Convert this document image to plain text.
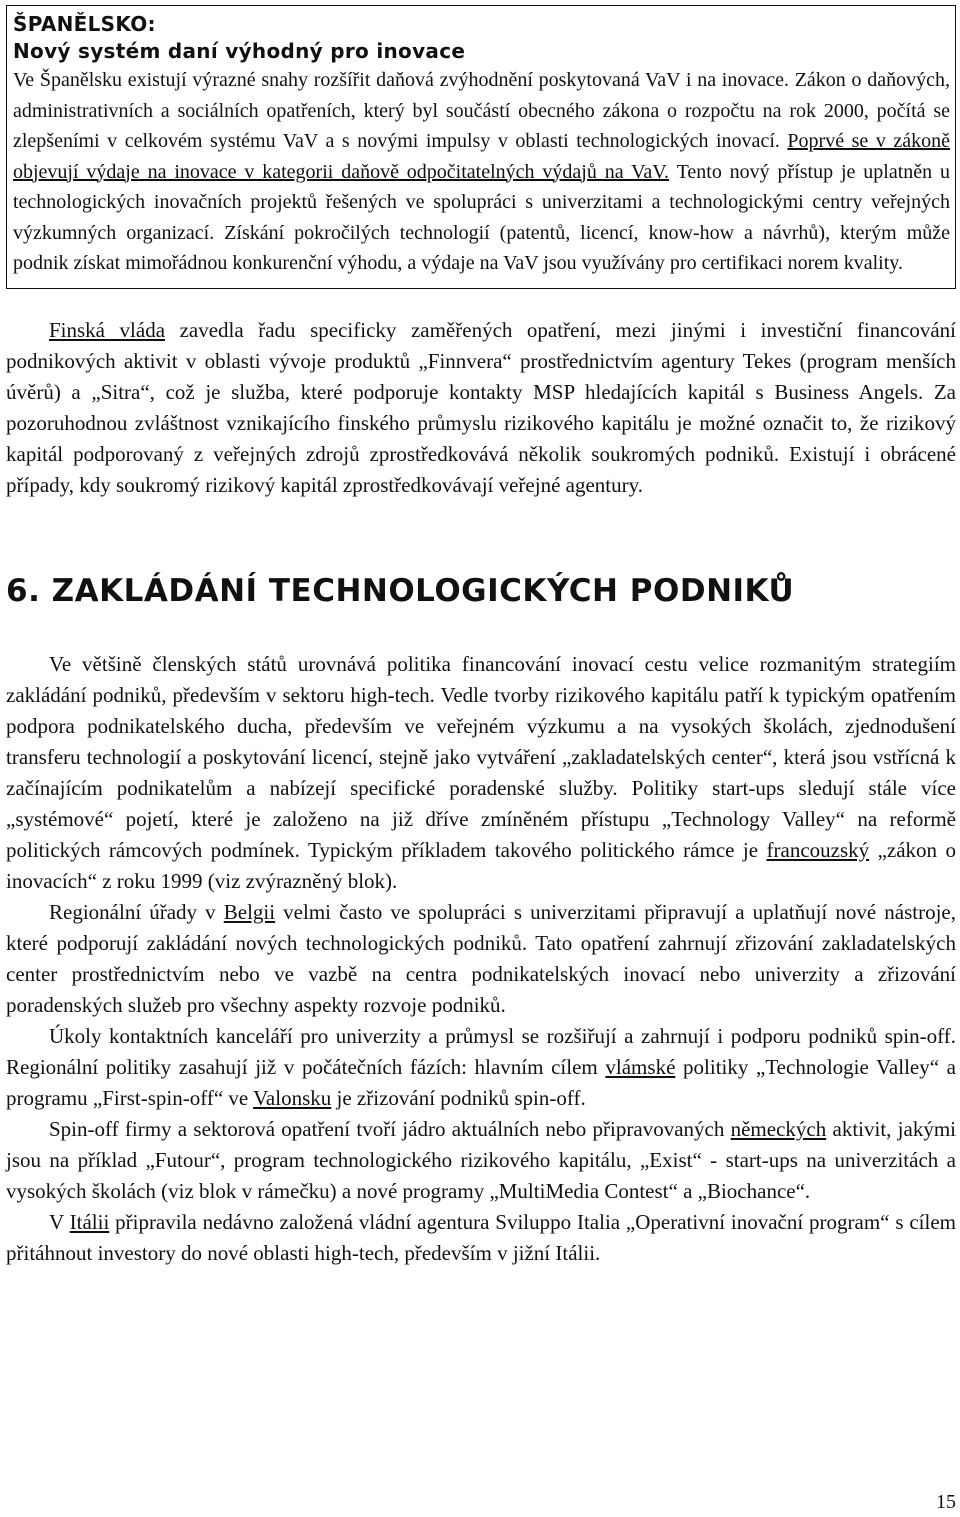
ŠPANĚLSKO:

Nový systém daní výhodný pro inovace

Ve Španělsku existují výrazné snahy rozšířit daňová zvýhodnění poskytovaná VaV i na inovace. Zákon o daňových, administrativních a sociálních opatřeních, který byl součástí obecného zákona o rozpočtu na rok 2000, počítá se zlepšeními v celkovém systému VaV a s novými impulsy v oblasti technologických inovací. Poprvé se v zákoně objevují výdaje na inovace v kategorii daňově odpočitatelných výdajů na VaV. Tento nový přístup je uplatněn u technologických inovačních projektů řešených ve spolupráci s univerzitami a technologickými centry veřejných výzkumných organizací. Získání pokročilých technologií (patentů, licencí, know-how a návrhů), kterým může podnik získat mimořádnou konkurenční výhodu, a výdaje na VaV jsou využívány pro certifikaci norem kvality.

Finská vláda zavedla řadu specificky zaměřených opatření, mezi jinými i investiční financování podnikových aktivit v oblasti vývoje produktů „Finnvera“ prostřednictvím agentury Tekes (program menších úvěrů) a „Sitra“, což je služba, které podporuje kontakty MSP hledajících kapitál s Business Angels. Za pozoruhodnou zvláštnost vznikajícího finského průmyslu rizikového kapitálu je možné označit to, že rizikový kapitál podporovaný z veřejných zdrojů zprostředkovává několik soukromých podniků. Existují i obrácené případy, kdy soukromý rizikový kapitál zprostředkovávají veřejné agentury.

6. ZAKLÁDÁNÍ TECHNOLOGICKÝCH PODNIKŮ

Ve většině členských států urovnává politika financování inovací cestu velice rozmanitým strategiím zakládání podniků, především v sektoru high-tech. Vedle tvorby rizikového kapitálu patří k typickým opatřením podpora podnikatelského ducha, především ve veřejném výzkumu a na vysokých školách, zjednodušení transferu technologií a poskytování licencí, stejně jako vytváření „zakladatelských center“, která jsou vstřícná k začínajícím podnikatelům a nabízejí specifické poradenské služby. Politiky start-ups sledují stále více „systémové“ pojetí, které je založeno na již dříve zmíněném přístupu „Technology Valley“ na reformě politických rámcových podmínek. Typickým příkladem takového politického rámce je francouzský „zákon o inovacích“ z roku 1999 (viz zvýrazněný blok).

Regionální úřady v Belgii velmi často ve spolupráci s univerzitami připravují a uplatňují nové nástroje, které podporují zakládání nových technologických podniků. Tato opatření zahrnují zřizování zakladatelských center prostřednictvím nebo ve vazbě na centra podnikatelských inovací nebo univerzity a zřizování poradenských služeb pro všechny aspekty rozvoje podniků.

Úkoly kontaktních kanceláří pro univerzity a průmysl se rozšiřují a zahrnují i podporu podniků spin-off. Regionální politiky zasahují již v počátečních fázích: hlavním cílem vlámské politiky „Technologie Valley“ a programu „First-spin-off“ ve Valonsku je zřizování podniků spin-off.

Spin-off firmy a sektorová opatření tvoří jádro aktuálních nebo připravovaných německých aktivit, jakými jsou na příklad „Futour“, program technologického rizikového kapitálu, „Exist“ - start-ups na univerzitách a vysokých školách (viz blok v rámečku) a nové programy „MultiMedia Contest“ a „Biochance“.

V Itálii připravila nedávno založená vládní agentura Sviluppo Italia „Operativní inovační program“ s cílem přitáhnout investory do nové oblasti high-tech, především v jižní Itálii.

15
